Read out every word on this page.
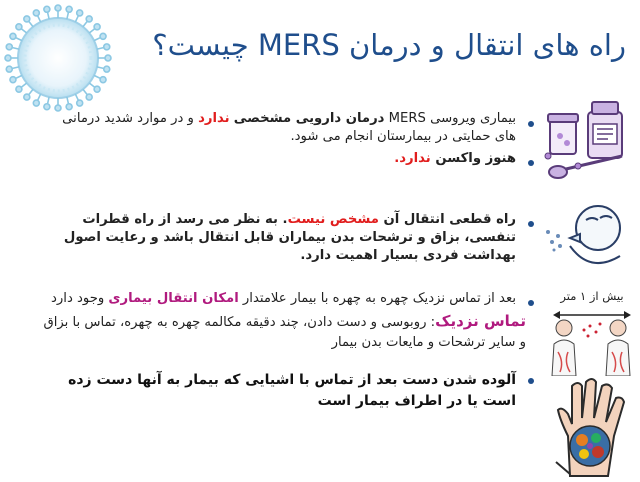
راه های انتقال و درمان MERS چیست؟
بیماری ویروسی MERS درمان دارویی مشخصی ندارد و در موارد شدید درمانی های حمایتی در بیمارستان انجام می شود.
هنوز واکسن ندارد.
راه قطعی انتقال آن مشخص نیست. به نظر می رسد از راه قطرات تنفسی، بزاق و ترشحات بدن بیماران قابل انتقال باشد و رعایت اصول بهداشت فردی بسیار اهمیت دارد.
بعد از تماس نزدیک چهره به چهره با بیمار علامتدار امکان انتقال بیماری وجود دارد
تماس نزدیک: روبوسی و دست دادن، چند دقیقه مکالمه چهره به چهره، تماس با بزاق و سایر ترشحات و مایعات بدن بیمار
بیش از ۱ متر
آلوده شدن دست بعد از تماس با اشیایی که بیمار به آنها دست زده است یا در اطراف بیمار است
